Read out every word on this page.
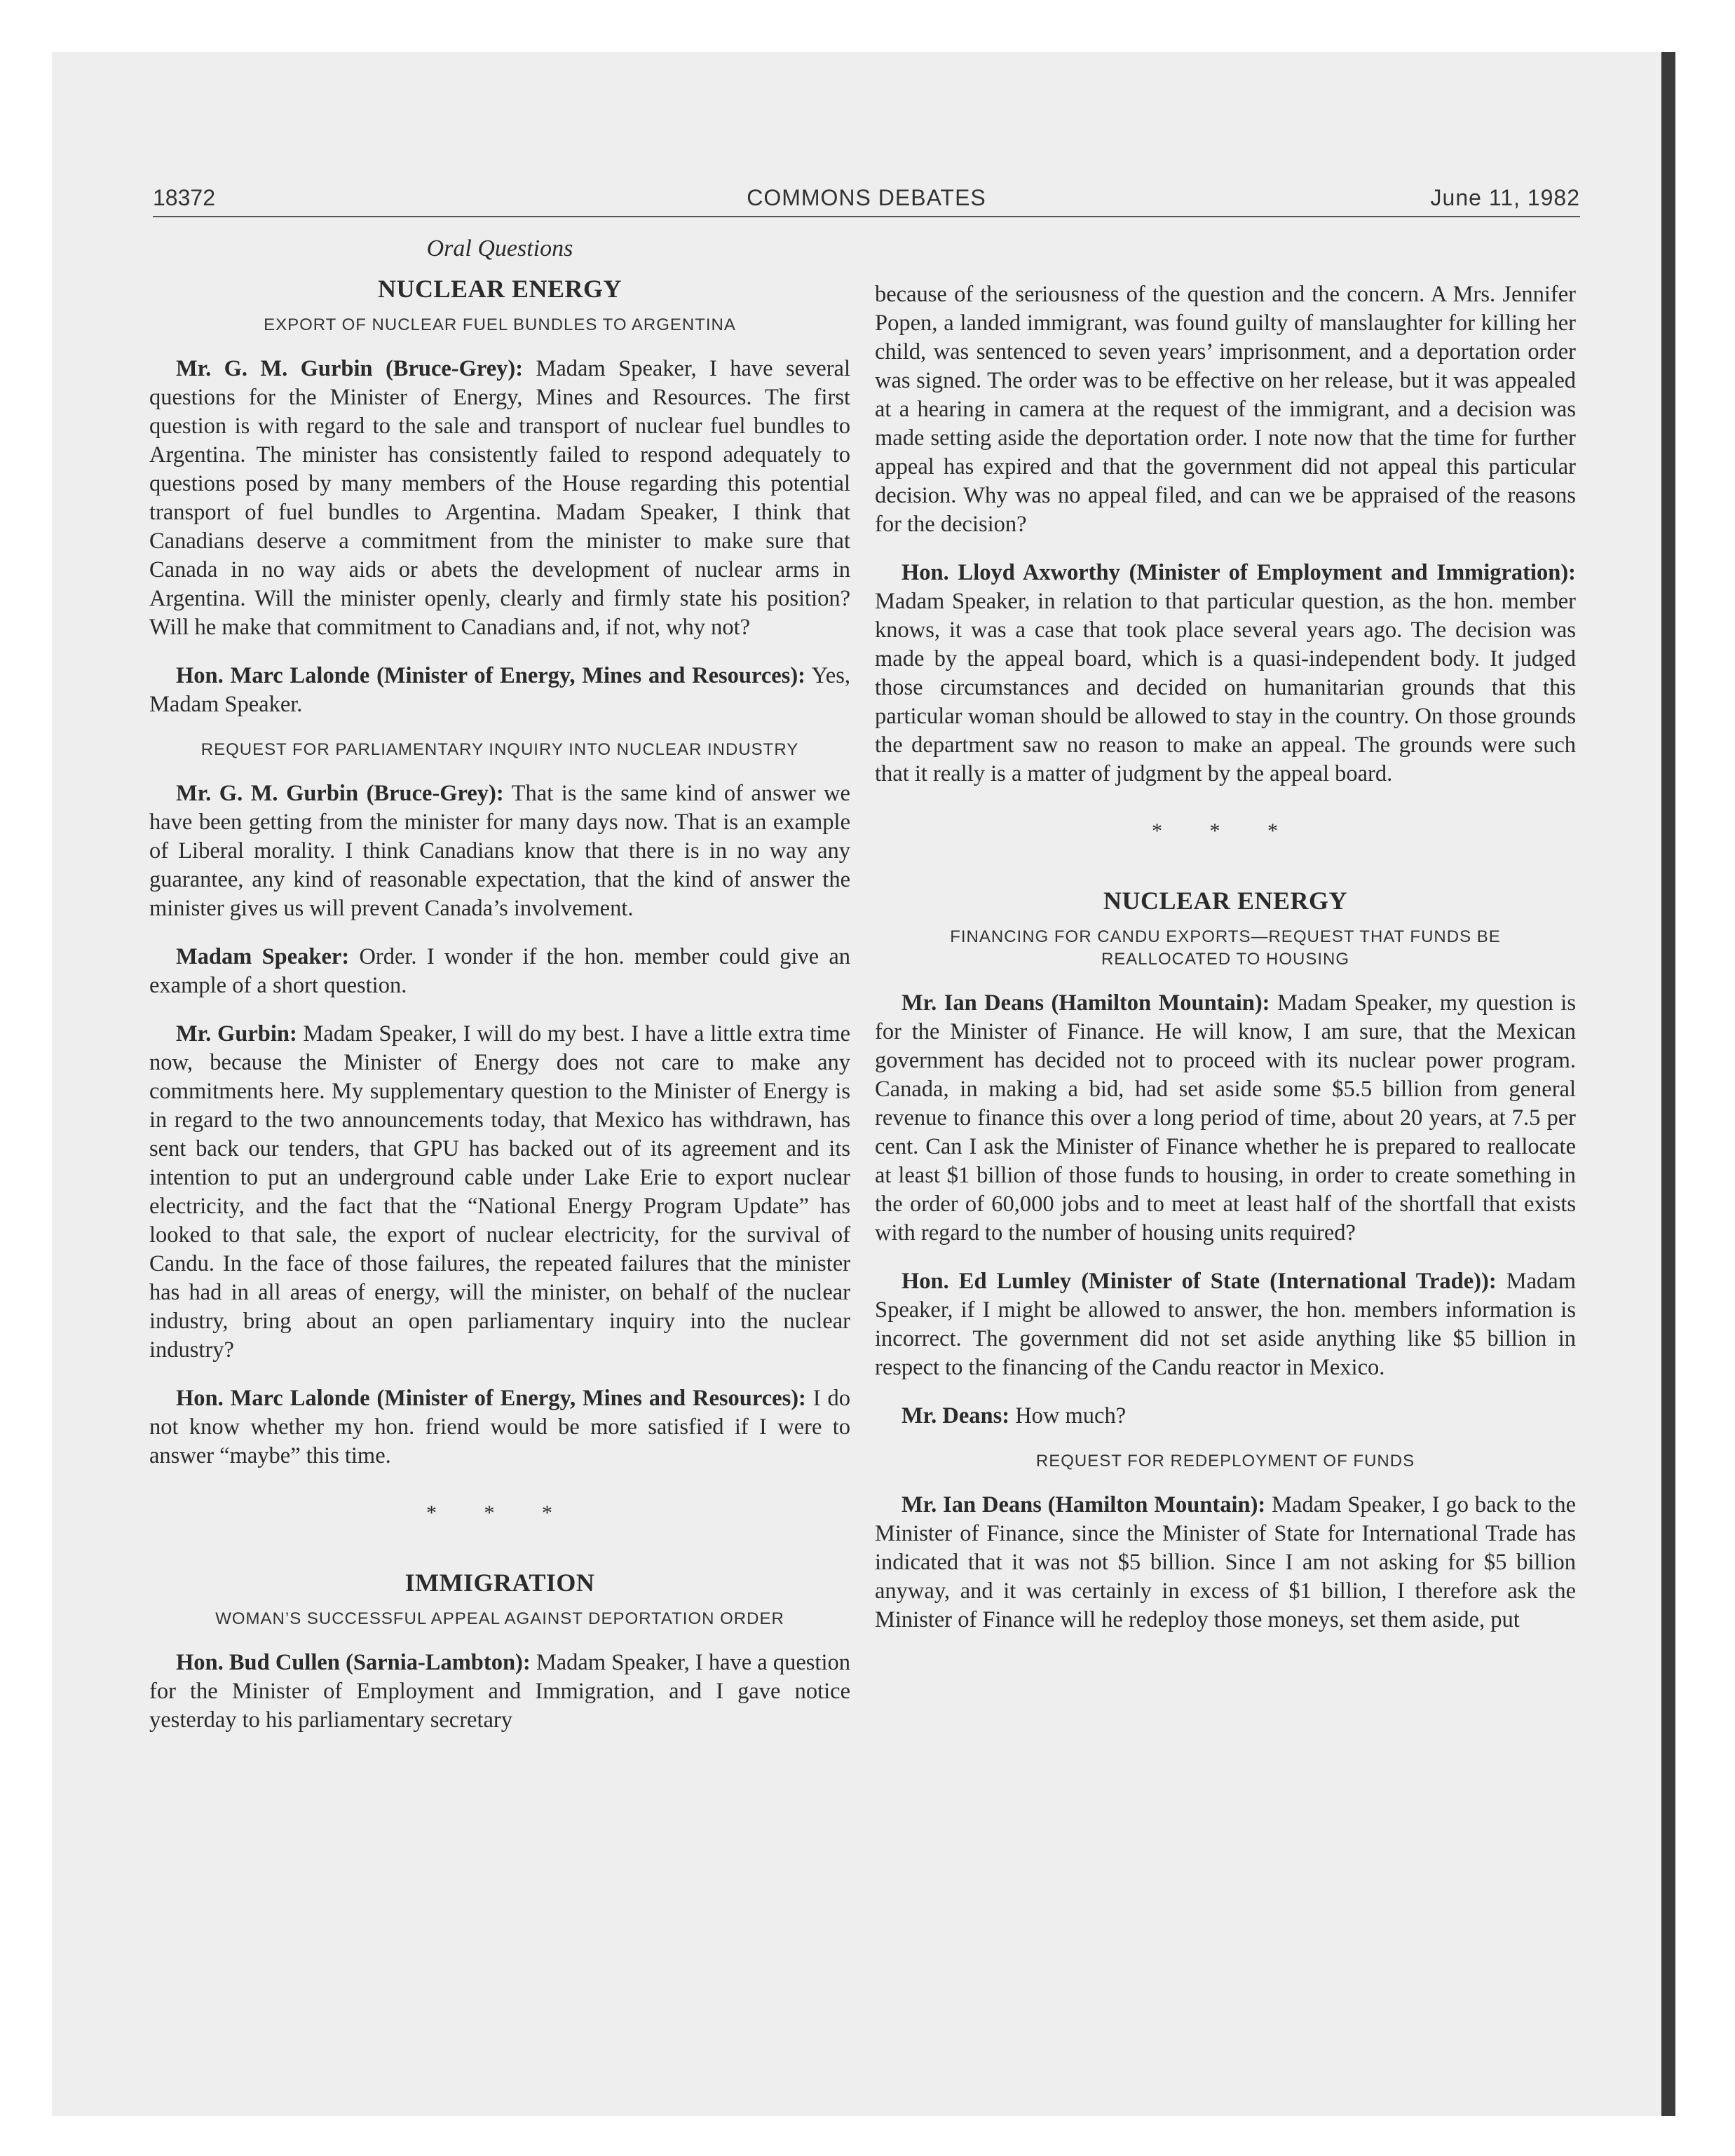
18372	COMMONS DEBATES	June 11, 1982
Oral Questions
NUCLEAR ENERGY
EXPORT OF NUCLEAR FUEL BUNDLES TO ARGENTINA

Mr. G. M. Gurbin (Bruce-Grey): Madam Speaker, I have several questions for the Minister of Energy, Mines and Resources. The first question is with regard to the sale and transport of nuclear fuel bundles to Argentina. The minister has consistently failed to respond adequately to questions posed by many members of the House regarding this potential transport of fuel bundles to Argentina. Madam Speaker, I think that Canadians deserve a commitment from the minister to make sure that Canada in no way aids or abets the development of nuclear arms in Argentina. Will the minister openly, clearly and firmly state his position? Will he make that commitment to Canadians and, if not, why not?

Hon. Marc Lalonde (Minister of Energy, Mines and Resources): Yes, Madam Speaker.

REQUEST FOR PARLIAMENTARY INQUIRY INTO NUCLEAR INDUSTRY

Mr. G. M. Gurbin (Bruce-Grey): That is the same kind of answer we have been getting from the minister for many days now. That is an example of Liberal morality. I think Canadians know that there is in no way any guarantee, any kind of reasonable expectation, that the kind of answer the minister gives us will prevent Canada’s involvement.

Madam Speaker: Order. I wonder if the hon. member could give an example of a short question.

Mr. Gurbin: Madam Speaker, I will do my best. I have a little extra time now, because the Minister of Energy does not care to make any commitments here. My supplementary question to the Minister of Energy is in regard to the two announcements today, that Mexico has withdrawn, has sent back our tenders, that GPU has backed out of its agreement and its intention to put an underground cable under Lake Erie to export nuclear electricity, and the fact that the “National Energy Program Update” has looked to that sale, the export of nuclear electricity, for the survival of Candu. In the face of those failures, the repeated failures that the minister has had in all areas of energy, will the minister, on behalf of the nuclear industry, bring about an open parliamentary inquiry into the nuclear industry?

Hon. Marc Lalonde (Minister of Energy, Mines and Resources): I do not know whether my hon. friend would be more satisfied if I were to answer “maybe” this time.

* * *
IMMIGRATION
WOMAN’S SUCCESSFUL APPEAL AGAINST DEPORTATION ORDER

Hon. Bud Cullen (Sarnia-Lambton): Madam Speaker, I have a question for the Minister of Employment and Immigration, and I gave notice yesterday to his parliamentary secretary

because of the seriousness of the question and the concern. A Mrs. Jennifer Popen, a landed immigrant, was found guilty of manslaughter for killing her child, was sentenced to seven years’ imprisonment, and a deportation order was signed. The order was to be effective on her release, but it was appealed at a hearing in camera at the request of the immigrant, and a decision was made setting aside the deportation order. I note now that the time for further appeal has expired and that the government did not appeal this particular decision. Why was no appeal filed, and can we be appraised of the reasons for the decision?

Hon. Lloyd Axworthy (Minister of Employment and Immigration): Madam Speaker, in relation to that particular question, as the hon. member knows, it was a case that took place several years ago. The decision was made by the appeal board, which is a quasi-independent body. It judged those circumstances and decided on humanitarian grounds that this particular woman should be allowed to stay in the country. On those grounds the department saw no reason to make an appeal. The grounds were such that it really is a matter of judgment by the appeal board.

* * *
NUCLEAR ENERGY
FINANCING FOR CANDU EXPORTS—REQUEST THAT FUNDS BE REALLOCATED TO HOUSING

Mr. Ian Deans (Hamilton Mountain): Madam Speaker, my question is for the Minister of Finance. He will know, I am sure, that the Mexican government has decided not to proceed with its nuclear power program. Canada, in making a bid, had set aside some $5.5 billion from general revenue to finance this over a long period of time, about 20 years, at 7.5 per cent. Can I ask the Minister of Finance whether he is prepared to reallocate at least $1 billion of those funds to housing, in order to create something in the order of 60,000 jobs and to meet at least half of the shortfall that exists with regard to the number of housing units required?

Hon. Ed Lumley (Minister of State (International Trade)): Madam Speaker, if I might be allowed to answer, the hon. members information is incorrect. The government did not set aside anything like $5 billion in respect to the financing of the Candu reactor in Mexico.

Mr. Deans: How much?

REQUEST FOR REDEPLOYMENT OF FUNDS

Mr. Ian Deans (Hamilton Mountain): Madam Speaker, I go back to the Minister of Finance, since the Minister of State for International Trade has indicated that it was not $5 billion. Since I am not asking for $5 billion anyway, and it was certainly in excess of $1 billion, I therefore ask the Minister of Finance will he redeploy those moneys, set them aside, put
